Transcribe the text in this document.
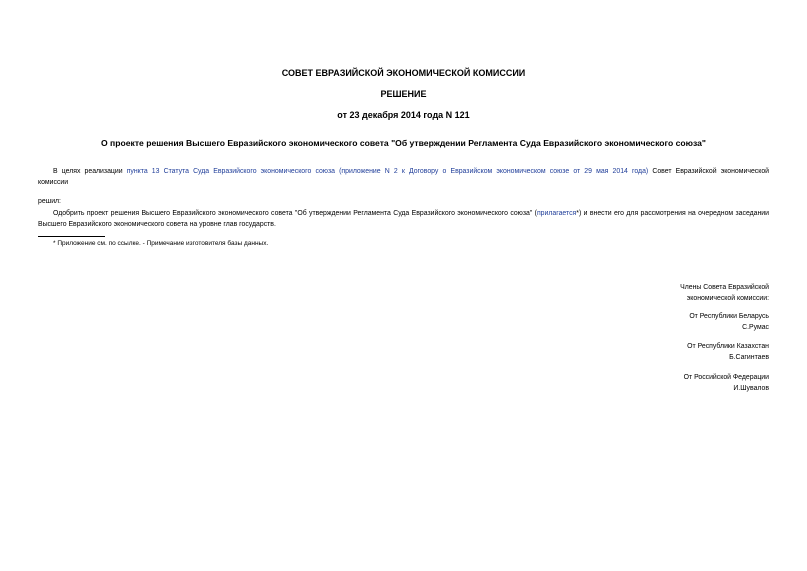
СОВЕТ ЕВРАЗИЙСКОЙ ЭКОНОМИЧЕСКОЙ КОМИССИИ
РЕШЕНИЕ
от 23 декабря 2014 года N 121
О проекте решения Высшего Евразийского экономического совета "Об утверждении Регламента Суда Евразийского экономического союза"
В целях реализации пункта 13 Статута Суда Евразийского экономического союза (приложение N 2 к Договору о Евразийском экономическом союзе от 29 мая 2014 года) Совет Евразийской экономической
комиссии
решил:
Одобрить проект решения Высшего Евразийского экономического совета "Об утверждении Регламента Суда Евразийского экономического союза" (прилагается*) и внести его для рассмотрения на очередном заседании Высшего Евразийского экономического совета на уровне глав государств.
* Приложение см. по ссылке. - Примечание изготовителя базы данных.
Члены Совета Евразийской
экономической комиссии:
От Республики Беларусь
С.Румас
От Республики Казахстан
Б.Сагинтаев
От Российской Федерации
И.Шувалов
